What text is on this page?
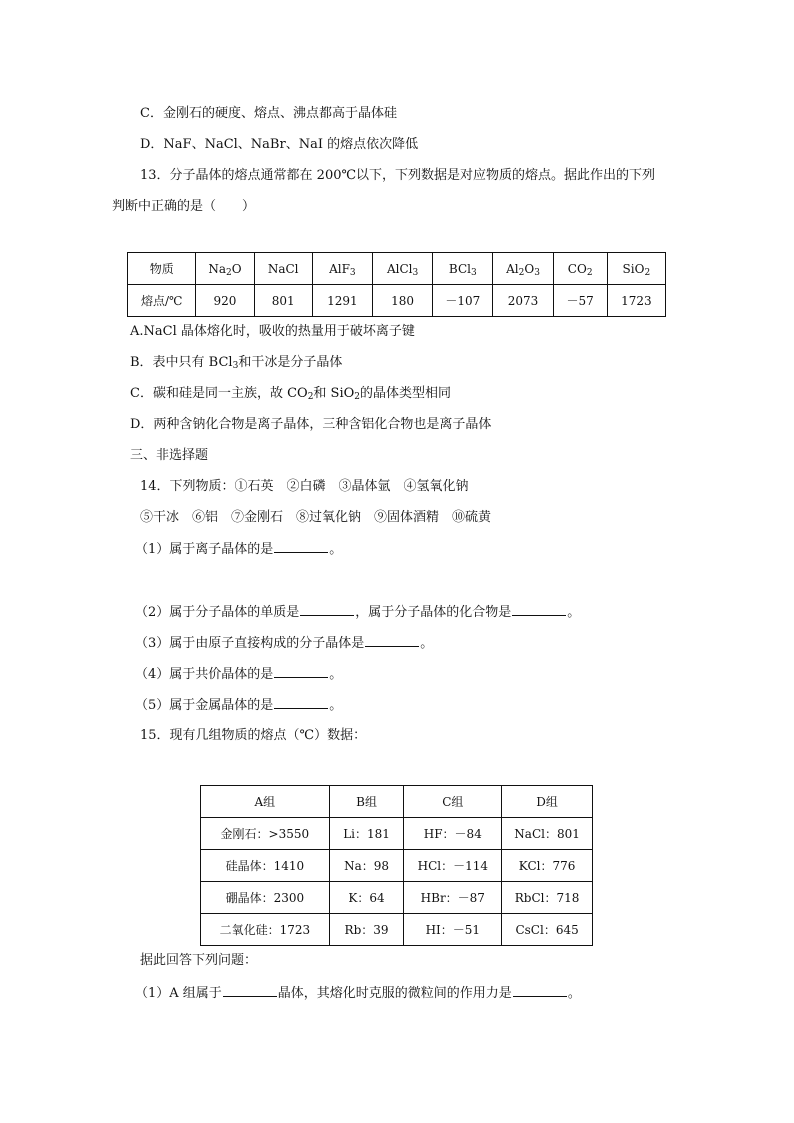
C．金刚石的硬度、熔点、沸点都高于晶体硅
D．NaF、NaCl、NaBr、NaI 的熔点依次降低
13．分子晶体的熔点通常都在 200℃以下，下列数据是对应物质的熔点。据此作出的下列
判断中正确的是（　　）
物质	$Na_2O$	NaCl	AlF$_3$	AlCl$_3$	BCl$_3$	$Al_2O_3$	$CO_2$	SiO$_2$
熔点/℃	920	801	1291	180	－107	2073	－57	1723
A.NaCl 晶体熔化时，吸收的热量用于破坏离子键
B．表中只有 BCl$_3$和干冰是分子晶体
C．碳和硅是同一主族，故 $CO_2$和 SiO$_2$的晶体类型相同
D．两种含钠化合物是离子晶体，三种含铝化合物也是离子晶体
三、非选择题
14．下列物质：①石英　②白磷　③晶体氩　④氢氧化钠
⑤干冰　⑥铝　⑦金刚石　⑧过氧化钠　⑨固体酒精　⑩硫黄
（1）属于离子晶体的是	。
（2）属于分子晶体的单质是	，属于分子晶体的化合物是	。
（3）属于由原子直接构成的分子晶体是	。
（4）属于共价晶体的是	。
（5）属于金属晶体的是	。
15．现有几组物质的熔点（℃）数据：
A组	B组	C组	D组
金刚石：>3550	Li：181	HF：－84	NaCl：801
硅晶体：1410	Na：98	HCl：－114	KCl：776
硼晶体：2300	K：64	HBr：－87	RbCl：718
二氧化硅：1723	Rb：39	HI：－51	CsCl：645
据此回答下列问题：
（1）A 组属于	晶体，其熔化时克服的微粒间的作用力是	。
